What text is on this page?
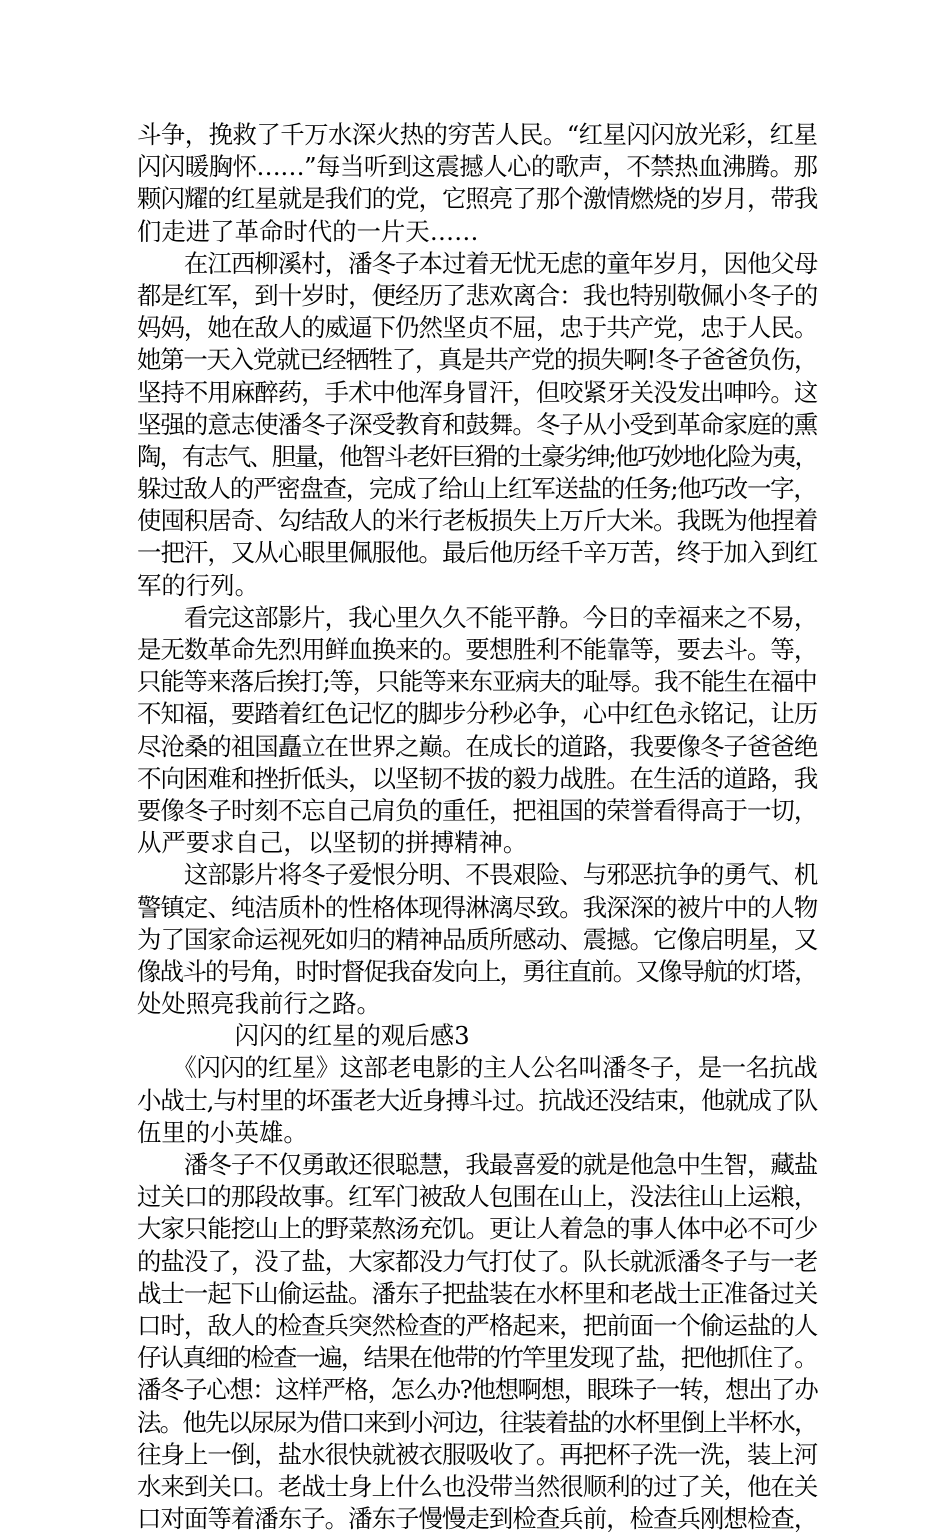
斗争，挽救了千万水深火热的穷苦人民。“红星闪闪放光彩，红星
闪闪暖胸怀……”每当听到这震撼人心的歌声，不禁热血沸腾。那
颗闪耀的红星就是我们的党，它照亮了那个激情燃烧的岁月，带我
们走进了革命时代的一片天……
　　在江西柳溪村，潘冬子本过着无忧无虑的童年岁月，因他父母
都是红军，到十岁时，便经历了悲欢离合：我也特别敬佩小冬子的
妈妈，她在敌人的威逼下仍然坚贞不屈，忠于共产党，忠于人民。
她第一天入党就已经牺牲了，真是共产党的损失啊!冬子爸爸负伤，
坚持不用麻醉药，手术中他浑身冒汗，但咬紧牙关没发出呻吟。这
坚强的意志使潘冬子深受教育和鼓舞。冬子从小受到革命家庭的熏
陶，有志气、胆量，他智斗老奸巨猾的土豪劣绅;他巧妙地化险为夷，
躲过敌人的严密盘查，完成了给山上红军送盐的任务;他巧改一字，
使囤积居奇、勾结敌人的米行老板损失上万斤大米。我既为他捏着
一把汗，又从心眼里佩服他。最后他历经千辛万苦，终于加入到红
军的行列。
　　看完这部影片，我心里久久不能平静。今日的幸福来之不易，
是无数革命先烈用鲜血换来的。要想胜利不能靠等，要去斗。等，
只能等来落后挨打;等，只能等来东亚病夫的耻辱。我不能生在福中
不知福，要踏着红色记忆的脚步分秒必争，心中红色永铭记，让历
尽沧桑的祖国矗立在世界之巅。在成长的道路，我要像冬子爸爸绝
不向困难和挫折低头，以坚韧不拔的毅力战胜。在生活的道路，我
要像冬子时刻不忘自己肩负的重任，把祖国的荣誉看得高于一切，
从严要求自己，以坚韧的拼搏精神。
　　这部影片将冬子爱恨分明、不畏艰险、与邪恶抗争的勇气、机
警镇定、纯洁质朴的性格体现得淋漓尽致。我深深的被片中的人物
为了国家命运视死如归的精神品质所感动、震撼。它像启明星，又
像战斗的号角，时时督促我奋发向上，勇往直前。又像导航的灯塔，
处处照亮我前行之路。
　　　　闪闪的红星的观后感3
　　《闪闪的红星》这部老电影的主人公名叫潘冬子，是一名抗战
小战士,与村里的坏蛋老大近身搏斗过。抗战还没结束，他就成了队
伍里的小英雄。
　　潘冬子不仅勇敢还很聪慧，我最喜爱的就是他急中生智，藏盐
过关口的那段故事。红军门被敌人包围在山上，没法往山上运粮，
大家只能挖山上的野菜熬汤充饥。更让人着急的事人体中必不可少
的盐没了，没了盐，大家都没力气打仗了。队长就派潘冬子与一老
战士一起下山偷运盐。潘东子把盐装在水杯里和老战士正准备过关
口时，敌人的检查兵突然检查的严格起来，把前面一个偷运盐的人
仔认真细的检查一遍，结果在他带的竹竿里发现了盐，把他抓住了。
潘冬子心想：这样严格，怎么办?他想啊想，眼珠子一转，想出了办
法。他先以尿尿为借口来到小河边，往装着盐的水杯里倒上半杯水，
往身上一倒，盐水很快就被衣服吸收了。再把杯子洗一洗，装上河
水来到关口。老战士身上什么也没带当然很顺利的过了关，他在关
口对面等着潘东子。潘东子慢慢走到检查兵前，检查兵刚想检查，
